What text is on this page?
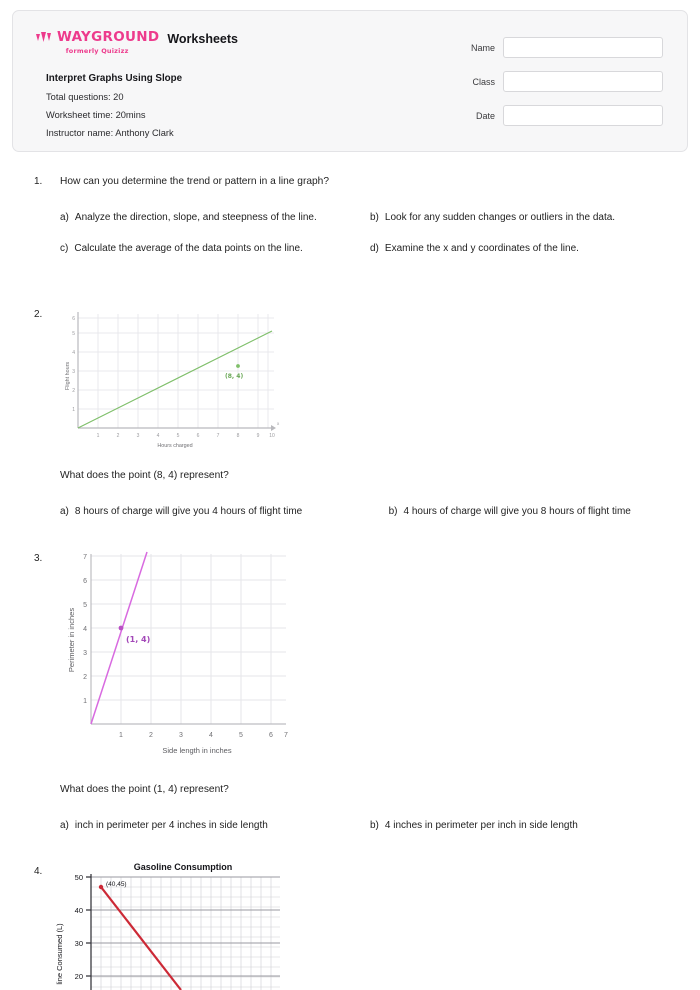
WAYGROUND
formerly Quizizz
Worksheets
Interpret Graphs Using Slope
Total questions: 20
Worksheet time: 20mins
Instructor name: Anthony Clark
Name
Class
Date
1. How can you determine the trend or pattern in a line graph?
a) Analyze the direction, slope, and steepness of the line.	b) Look for any sudden changes or outliers in the data.
c) Calculate the average of the data points on the line.	d) Examine the x and y coordinates of the line.
2.
x
(8, 4)
1
2
3
4
5
6
1	2	3	4	5	6	7	8	9 10
Hours charged
Flight hours
What does the point (8, 4) represent?
a) 8 hours of charge will give you 4 hours of flight time	b) 4 hours of charge will give you 8 hours of flight time
3.
(1, 4)
1
2
3
4
5
6
7
1	2	3	4	5	6 7
Side length in inches
Perimeter in inches
What does the point (1, 4) represent?
a) inch in perimeter per 4 inches in side length	b) 4 inches in perimeter per inch in side length
4.	Gasoline Consumption
(40,45)
50
40
30
20
line Consumed (L)
